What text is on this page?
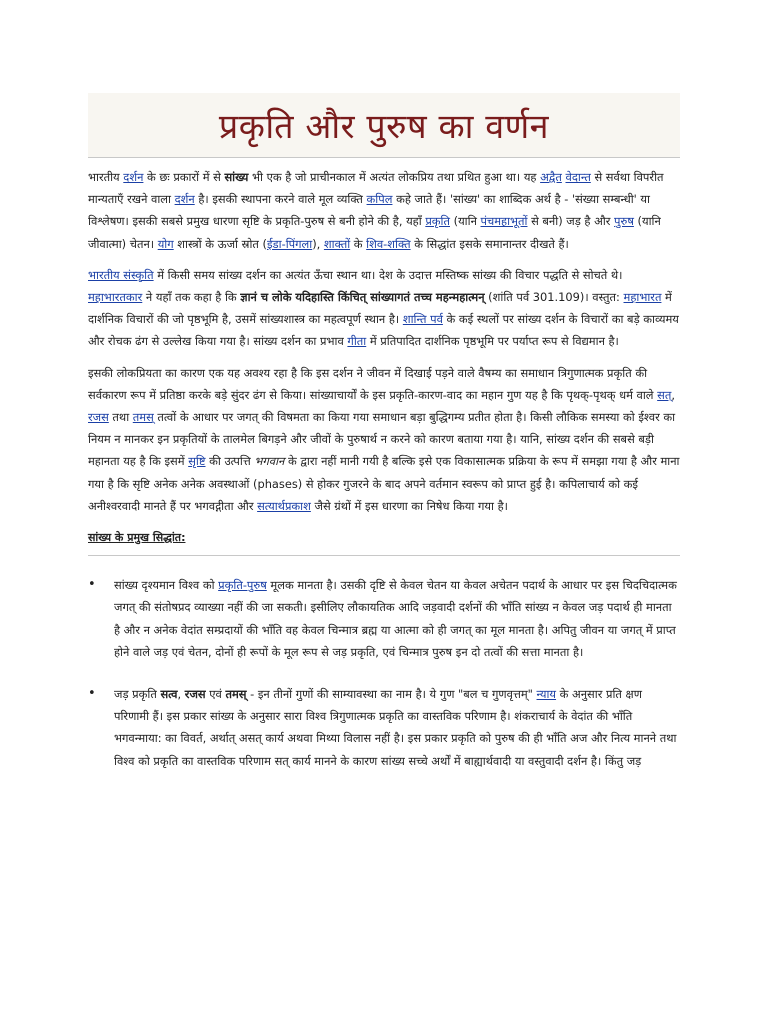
प्रकृति और पुरुष का वर्णन

भारतीय दर्शन के छः प्रकारों में से सांख्य भी एक है जो प्राचीनकाल में अत्यंत लोकप्रिय तथा प्रथित हुआ था। यह अद्वैत वेदान्त से सर्वथा विपरीत मान्यताएँ रखने वाला दर्शन है। इसकी स्थापना करने वाले मूल व्यक्ति कपिल कहे जाते हैं। 'सांख्य' का शाब्दिक अर्थ है - 'संख्या सम्बन्धी' या विश्लेषण। इसकी सबसे प्रमुख धारणा सृष्टि के प्रकृति-पुरुष से बनी होने की है, यहाँ प्रकृति (यानि पंचमहाभूतों से बनी) जड़ है और पुरुष (यानि जीवात्मा) चेतन। योग शास्त्रों के ऊर्जा स्रोत (ईडा-पिंगला), शाक्तों के शिव-शक्ति के सिद्धांत इसके समानान्तर दीखते हैं।

भारतीय संस्कृति में किसी समय सांख्य दर्शन का अत्यंत ऊँचा स्थान था। देश के उदात्त मस्तिष्क सांख्य की विचार पद्धति से सोचते थे। महाभारतकार ने यहाँ तक कहा है कि ज्ञानं च लोके यदिहास्ति किंचित् सांख्यागतं तच्च महन्महात्मन् (शांति पर्व 301.109)। वस्तुत: महाभारत में दार्शनिक विचारों की जो पृष्ठभूमि है, उसमें सांख्यशास्त्र का महत्वपूर्ण स्थान है। शान्ति पर्व के कई स्थलों पर सांख्य दर्शन के विचारों का बड़े काव्यमय और रोचक ढंग से उल्लेख किया गया है। सांख्य दर्शन का प्रभाव गीता में प्रतिपादित दार्शनिक पृष्ठभूमि पर पर्याप्त रूप से विद्यमान है।

इसकी लोकप्रियता का कारण एक यह अवश्य रहा है कि इस दर्शन ने जीवन में दिखाई पड़ने वाले वैषम्य का समाधान त्रिगुणात्मक प्रकृति की सर्वकारण रूप में प्रतिष्ठा करके बड़े सुंदर ढंग से किया। सांख्याचार्यों के इस प्रकृति-कारण-वाद का महान गुण यह है कि पृथक्-पृथक् धर्म वाले सत्, रजस तथा तमस् तत्वों के आधार पर जगत् की विषमता का किया गया समाधान बड़ा बुद्धिगम्य प्रतीत होता है। किसी लौकिक समस्या को ईश्वर का नियम न मानकर इन प्रकृतियों के तालमेल बिगड़ने और जीवों के पुरुषार्थ न करने को कारण बताया गया है। यानि, सांख्य दर्शन की सबसे बड़ी महानता यह है कि इसमें सृष्टि की उत्पत्ति भगवान के द्वारा नहीं मानी गयी है बल्कि इसे एक विकासात्मक प्रक्रिया के रूप में समझा गया है और माना गया है कि सृष्टि अनेक अनेक अवस्थाओं (phases) से होकर गुजरने के बाद अपने वर्तमान स्वरूप को प्राप्त हुई है। कपिलाचार्य को कई अनीश्वरवादी मानते हैं पर भगवद्गीता और सत्यार्थप्रकाश जैसे ग्रंथों में इस धारणा का निषेध किया गया है।

सांख्य के प्रमुख सिद्धांत:
• सांख्य दृश्यमान विश्व को प्रकृति-पुरुष मूलक मानता है। उसकी दृष्टि से केवल चेतन या केवल अचेतन पदार्थ के आधार पर इस चिदचिदात्मक जगत् की संतोषप्रद व्याख्या नहीं की जा सकती। इसीलिए लौकायतिक आदि जड़वादी दर्शनों की भाँति सांख्य न केवल जड़ पदार्थ ही मानता है और न अनेक वेदांत सम्प्रदायों की भाँति वह केवल चिन्मात्र ब्रह्म या आत्मा को ही जगत् का मूल मानता है। अपितु जीवन या जगत् में प्राप्त होने वाले जड़ एवं चेतन, दोनों ही रूपों के मूल रूप से जड़ प्रकृति, एवं चिन्मात्र पुरुष इन दो तत्वों की सत्ता मानता है।
• जड़ प्रकृति सत्व, रजस एवं तमस् - इन तीनों गुणों की साम्यावस्था का नाम है। ये गुण "बल च गुणवृत्तम्" न्याय के अनुसार प्रति क्षण परिणामी हैं। इस प्रकार सांख्य के अनुसार सारा विश्व त्रिगुणात्मक प्रकृति का वास्तविक परिणाम है। शंकराचार्य के वेदांत की भाँति भगवन्माया: का विवर्त, अर्थात् असत् कार्य अथवा मिथ्या विलास नहीं है। इस प्रकार प्रकृति को पुरुष की ही भाँति अज और नित्य मानने तथा विश्व को प्रकृति का वास्तविक परिणाम सत् कार्य मानने के कारण सांख्य सच्चे अर्थों में बाह्यार्थवादी या वस्तुवादी दर्शन है। किंतु जड़
